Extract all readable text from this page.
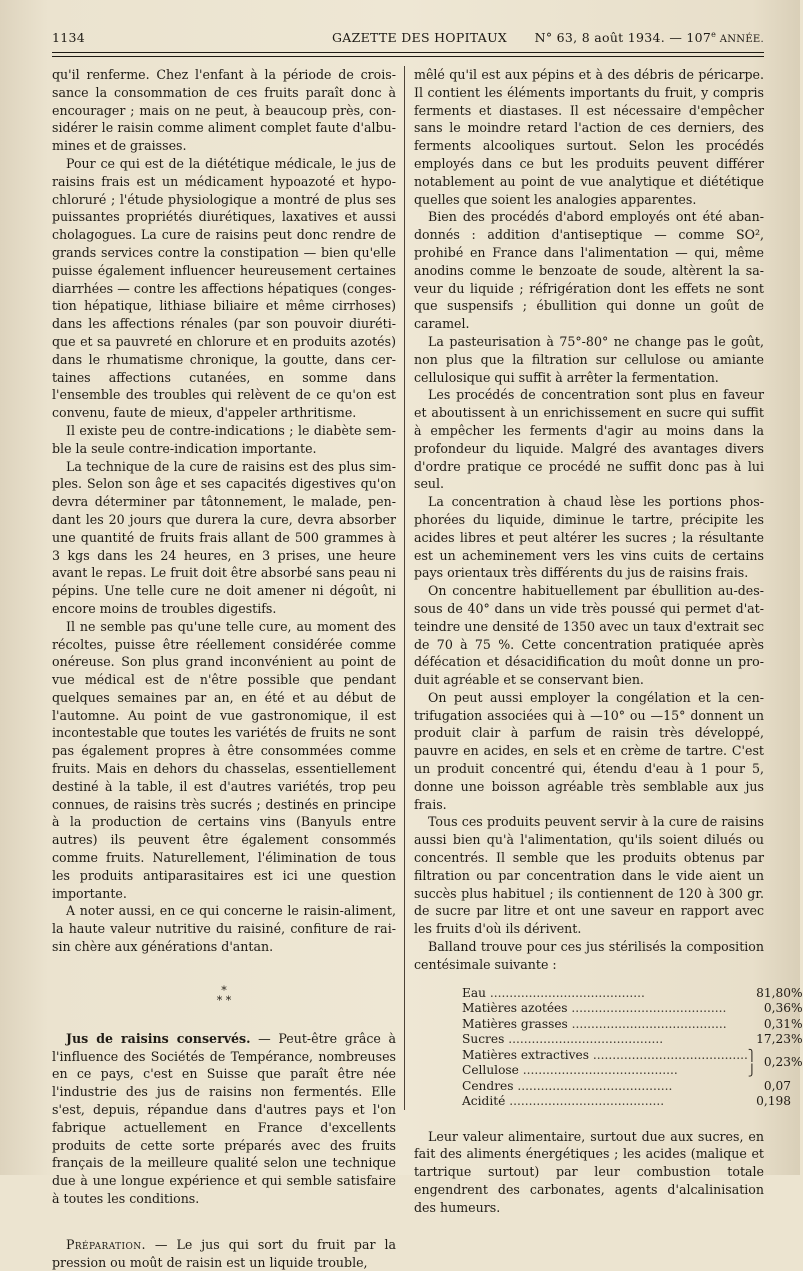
1134	GAZETTE DES HOPITAUX N° 63, 8 août 1934. — 107e ANNÉE.

qu'il renferme. Chez l'enfant à la période de croissance la consommation de ces fruits paraît donc à encourager ; mais on ne peut, à beaucoup près, considérer le raisin comme aliment complet faute d'albumines et de graisses.

Pour ce qui est de la diététique médicale, le jus de raisins frais est un médicament hypoazoté et hypochloruré ; l'étude physiologique a montré de plus ses puissantes propriétés diurétiques, laxatives et aussi cholagogues. La cure de raisins peut donc rendre de grands services contre la constipation — bien qu'elle puisse également influencer heureusement certaines diarrhées — contre les affections hépatiques (congestion hépatique, lithiase biliaire et même cirrhoses) dans les affections rénales (par son pouvoir diurétique et sa pauvreté en chlorure et en produits azotés) dans le rhumatisme chronique, la goutte, dans certaines affections cutanées, en somme dans l'ensemble des troubles qui relèvent de ce qu'on est convenu, faute de mieux, d'appeler arthritisme.

Il existe peu de contre-indications ; le diabète semble la seule contre-indication importante.

La technique de la cure de raisins est des plus simples. Selon son âge et ses capacités digestives qu'on devra déterminer par tâtonnement, le malade, pendant les 20 jours que durera la cure, devra absorber une quantité de fruits frais allant de 500 grammes à 3 kgs dans les 24 heures, en 3 prises, une heure avant le repas. Le fruit doit être absorbé sans peau ni pépins. Une telle cure ne doit amener ni dégoût, ni encore moins de troubles digestifs.

Il ne semble pas qu'une telle cure, au moment des récoltes, puisse être réellement considérée comme onéreuse. Son plus grand inconvénient au point de vue médical est de n'être possible que pendant quelques semaines par an, en été et au début de l'automne. Au point de vue gastronomique, il est incontestable que toutes les variétés de fruits ne sont pas également propres à être consommées comme fruits. Mais en dehors du chasselas, essentiellement destiné à la table, il est d'autres variétés, trop peu connues, de raisins très sucrés ; destinés en principe à la production de certains vins (Banyuls entre autres) ils peuvent être également consommés comme fruits. Naturellement, l'élimination de tous les produits antiparasitaires est ici une question importante.

A noter aussi, en ce qui concerne le raisin-aliment, la haute valeur nutritive du raisiné, confiture de raisin chère aux générations d'antan.

*
* *

Jus de raisins conservés. — Peut-être grâce à l'influence des Sociétés de Tempérance, nombreuses en ce pays, c'est en Suisse que paraît être née l'industrie des jus de raisins non fermentés. Elle s'est, depuis, répandue dans d'autres pays et l'on fabrique actuellement en France d'excellents produits de cette sorte préparés avec des fruits français de la meilleure qualité selon une technique due à une longue expérience et qui semble satisfaire à toutes les conditions.

Préparation. — Le jus qui sort du fruit par la pression ou moût de raisin est un liquide trouble,

mêlé qu'il est aux pépins et à des débris de péricarpe. Il contient les éléments importants du fruit, y compris ferments et diastases. Il est nécessaire d'empêcher sans le moindre retard l'action de ces derniers, des ferments alcooliques surtout. Selon les procédés employés dans ce but les produits peuvent différer notablement au point de vue analytique et diététique quelles que soient les analogies apparentes.

Bien des procédés d'abord employés ont été abandonnés : addition d'antiseptique — comme SO², prohibé en France dans l'alimentation — qui, même anodins comme le benzoate de soude, altèrent la saveur du liquide ; réfrigération dont les effets ne sont que suspensifs ; ébullition qui donne un goût de caramel.

La pasteurisation à 75°-80° ne change pas le goût, non plus que la filtration sur cellulose ou amiante cellulosique qui suffit à arrêter la fermentation.

Les procédés de concentration sont plus en faveur et aboutissent à un enrichissement en sucre qui suffit à empêcher les ferments d'agir au moins dans la profondeur du liquide. Malgré des avantages divers d'ordre pratique ce procédé ne suffit donc pas à lui seul.

La concentration à chaud lèse les portions phosphorées du liquide, diminue le tartre, précipite les acides libres et peut altérer les sucres ; la résultante est un acheminement vers les vins cuits de certains pays orientaux très différents du jus de raisins frais.

On concentre habituellement par ébullition au-dessous de 40° dans un vide très poussé qui permet d'atteindre une densité de 1350 avec un taux d'extrait sec de 70 à 75 %. Cette concentration pratiquée après défécation et désacidification du moût donne un produit agréable et se conservant bien.

On peut aussi employer la congélation et la centrifugation associées qui à —10° ou —15° donnent un produit clair à parfum de raisin très développé, pauvre en acides, en sels et en crème de tartre. C'est un produit concentré qui, étendu d'eau à 1 pour 5, donne une boisson agréable très semblable aux jus frais.

Tous ces produits peuvent servir à la cure de raisins aussi bien qu'à l'alimentation, qu'ils soient dilués ou concentrés. Il semble que les produits obtenus par filtration ou par concentration dans le vide aient un succès plus habituel ; ils contiennent de 120 à 300 gr. de sucre par litre et ont une saveur en rapport avec les fruits d'où ils dérivent.

Balland trouve pour ces jus stérilisés la composition centésimale suivante :

Eau ........................................		81,80	%
Matières azotées ........................................		0,36	%
Matières grasses ........................................		0,31	%
Sucres ........................................		17,23	%
Matières extractives ........................................
Cellulose ........................................	⎫
⎭	0,23	%
Cendres ........................................		0,07	
Acidité ........................................		0,198	

Leur valeur alimentaire, surtout due aux sucres, en fait des aliments énergétiques ; les acides (malique et tartrique surtout) par leur combustion totale engendrent des carbonates, agents d'alcalinisation des humeurs.
